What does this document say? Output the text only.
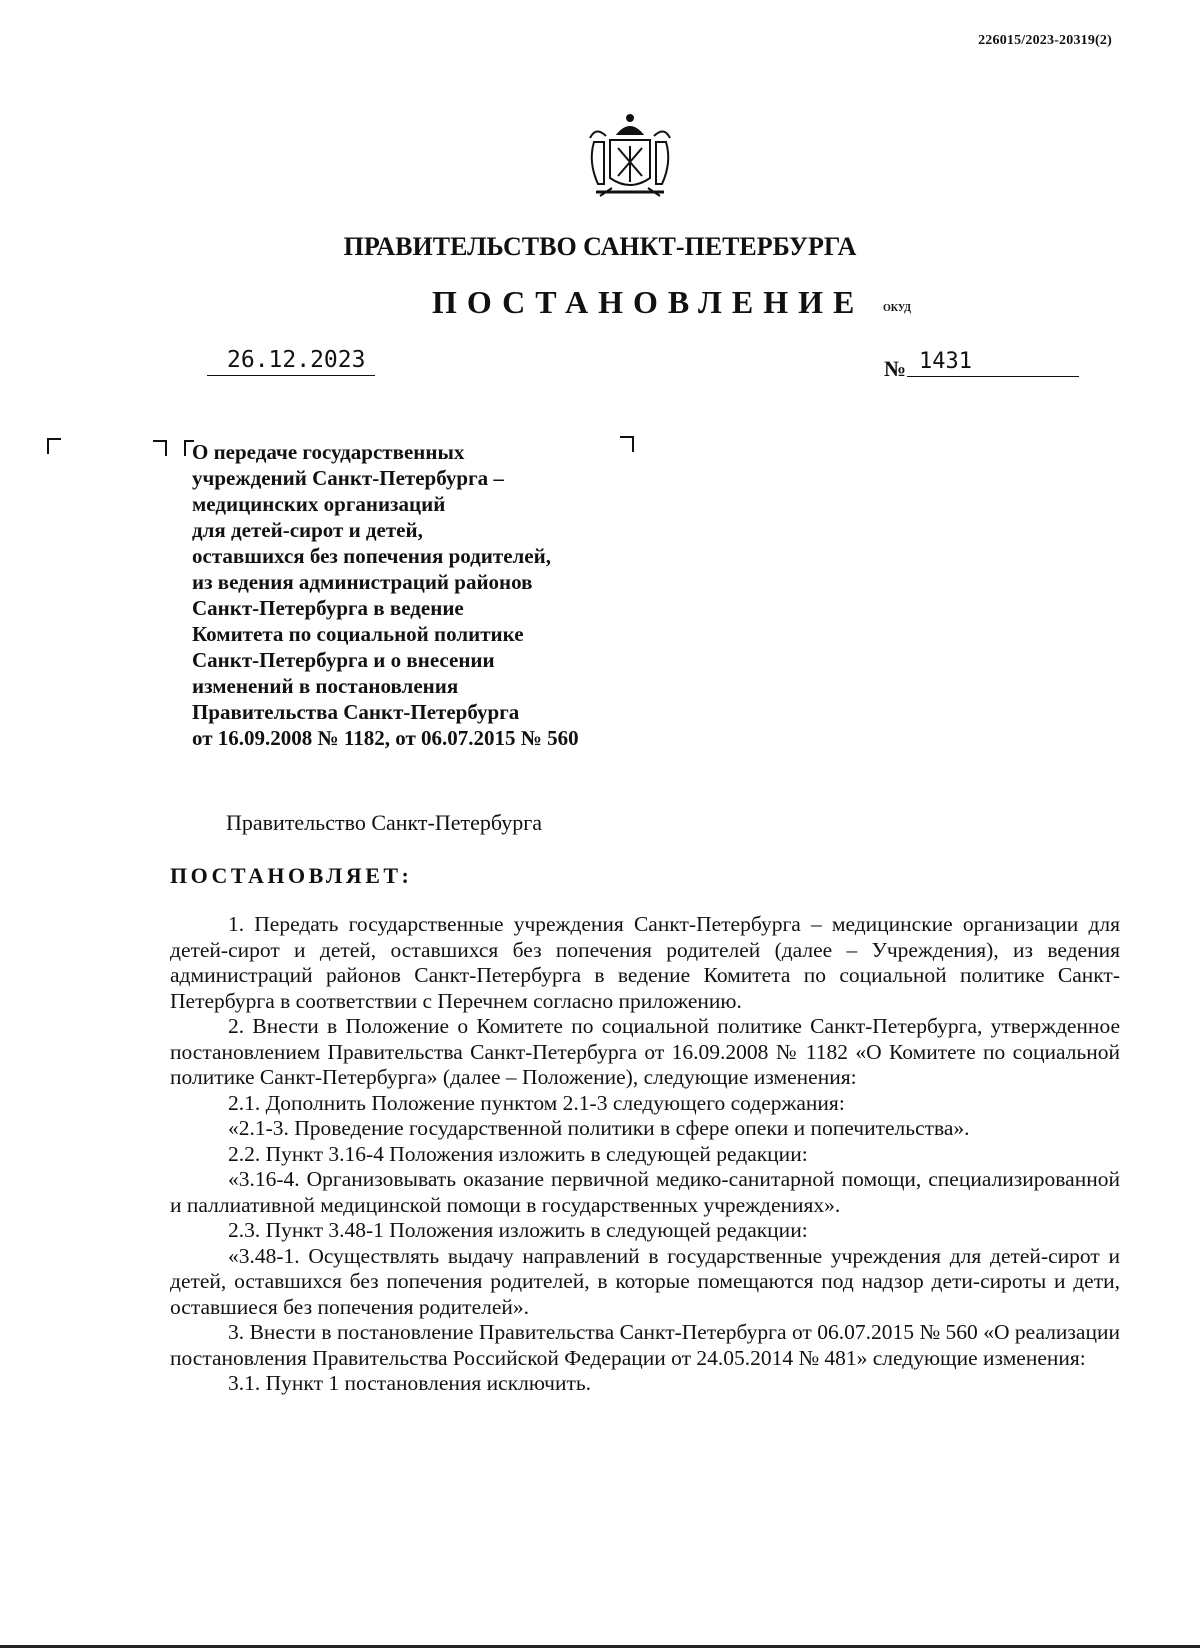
226015/2023-20319(2)
ПРАВИТЕЛЬСТВО САНКТ-ПЕТЕРБУРГА
ПОСТАНОВЛЕНИЕ ОКУД
26.12.2023	№ 1431
О передаче государственных
учреждений Санкт-Петербурга –
медицинских организаций
для детей-сирот и детей,
оставшихся без попечения родителей,
из ведения администраций районов
Санкт-Петербурга в ведение
Комитета по социальной политике
Санкт-Петербурга и о внесении
изменений в постановления
Правительства Санкт-Петербурга
от 16.09.2008 № 1182, от 06.07.2015 № 560
Правительство Санкт-Петербурга
ПОСТАНОВЛЯЕТ:

1. Передать государственные учреждения Санкт-Петербурга – медицинские организации для детей-сирот и детей, оставшихся без попечения родителей (далее – Учреждения), из ведения администраций районов Санкт-Петербурга в ведение Комитета по социальной политике Санкт-Петербурга в соответствии с Перечнем согласно приложению.

2. Внести в Положение о Комитете по социальной политике Санкт-Петербурга, утвержденное постановлением Правительства Санкт-Петербурга от 16.09.2008 № 1182 «О Комитете по социальной политике Санкт-Петербурга» (далее – Положение), следующие изменения:

2.1. Дополнить Положение пунктом 2.1-3 следующего содержания:

«2.1-3. Проведение государственной политики в сфере опеки и попечительства».

2.2. Пункт 3.16-4 Положения изложить в следующей редакции:

«3.16-4. Организовывать оказание первичной медико-санитарной помощи, специализированной и паллиативной медицинской помощи в государственных учреждениях».

2.3. Пункт 3.48-1 Положения изложить в следующей редакции:

«3.48-1. Осуществлять выдачу направлений в государственные учреждения для детей-сирот и детей, оставшихся без попечения родителей, в которые помещаются под надзор дети-сироты и дети, оставшиеся без попечения родителей».

3. Внести в постановление Правительства Санкт-Петербурга от 06.07.2015 № 560 «О реализации постановления Правительства Российской Федерации от 24.05.2014 № 481» следующие изменения:

3.1. Пункт 1 постановления исключить.
